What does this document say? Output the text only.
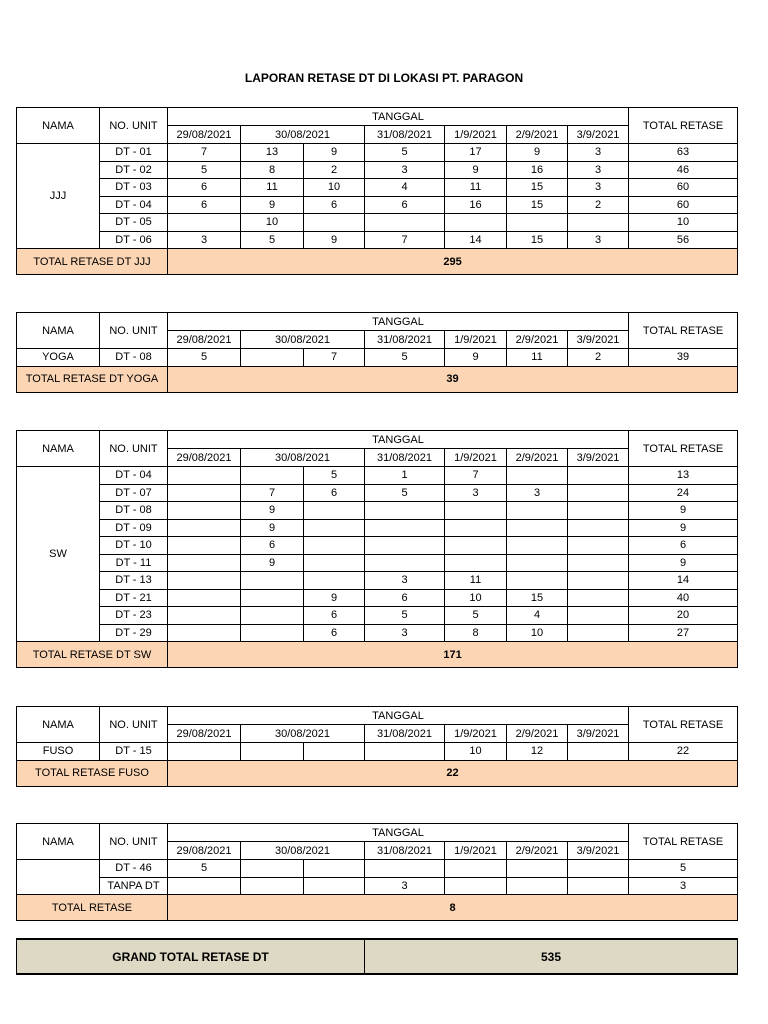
LAPORAN RETASE DT DI LOKASI PT. PARAGON
NAMA	NO. UNIT	TANGGAL							TOTAL RETASE
		29/08/2021	30/08/2021		31/08/2021	1/9/2021	2/9/2021	3/9/2021	
JJJ	DT - 01	7	13	9	5	17	9	3	63
	DT - 02	5	8	2	3	9	16	3	46
	DT - 03	6	11	10	4	11	15	3	60
	DT - 04	6	9	6	6	16	15	2	60
	DT - 05		10						10
	DT - 06	3	5	9	7	14	15	3	56
TOTAL RETASE DT JJJ		295							
NAMA	NO. UNIT	TANGGAL							TOTAL RETASE
		29/08/2021	30/08/2021		31/08/2021	1/9/2021	2/9/2021	3/9/2021	
YOGA	DT - 08	5		7	5	9	11	2	39
TOTAL RETASE DT YOGA		39							
NAMA	NO. UNIT	TANGGAL							TOTAL RETASE
		29/08/2021	30/08/2021		31/08/2021	1/9/2021	2/9/2021	3/9/2021	
SW	DT - 04			5	1	7			13
	DT - 07		7	6	5	3	3		24
	DT - 08		9						9
	DT - 09		9						9
	DT - 10		6						6
	DT - 11		9						9
	DT - 13				3	11			14
	DT - 21			9	6	10	15		40
	DT - 23			6	5	5	4		20
	DT - 29			6	3	8	10		27
TOTAL RETASE DT SW		171							
NAMA	NO. UNIT	TANGGAL							TOTAL RETASE
		29/08/2021	30/08/2021		31/08/2021	1/9/2021	2/9/2021	3/9/2021	
FUSO	DT - 15					10	12		22
TOTAL RETASE FUSO		22							
NAMA	NO. UNIT	TANGGAL							TOTAL RETASE
		29/08/2021	30/08/2021		31/08/2021	1/9/2021	2/9/2021	3/9/2021	
	DT - 46	5							5
	TANPA DT				3				3
TOTAL RETASE		8							
GRAND TOTAL RETASE DT	535
